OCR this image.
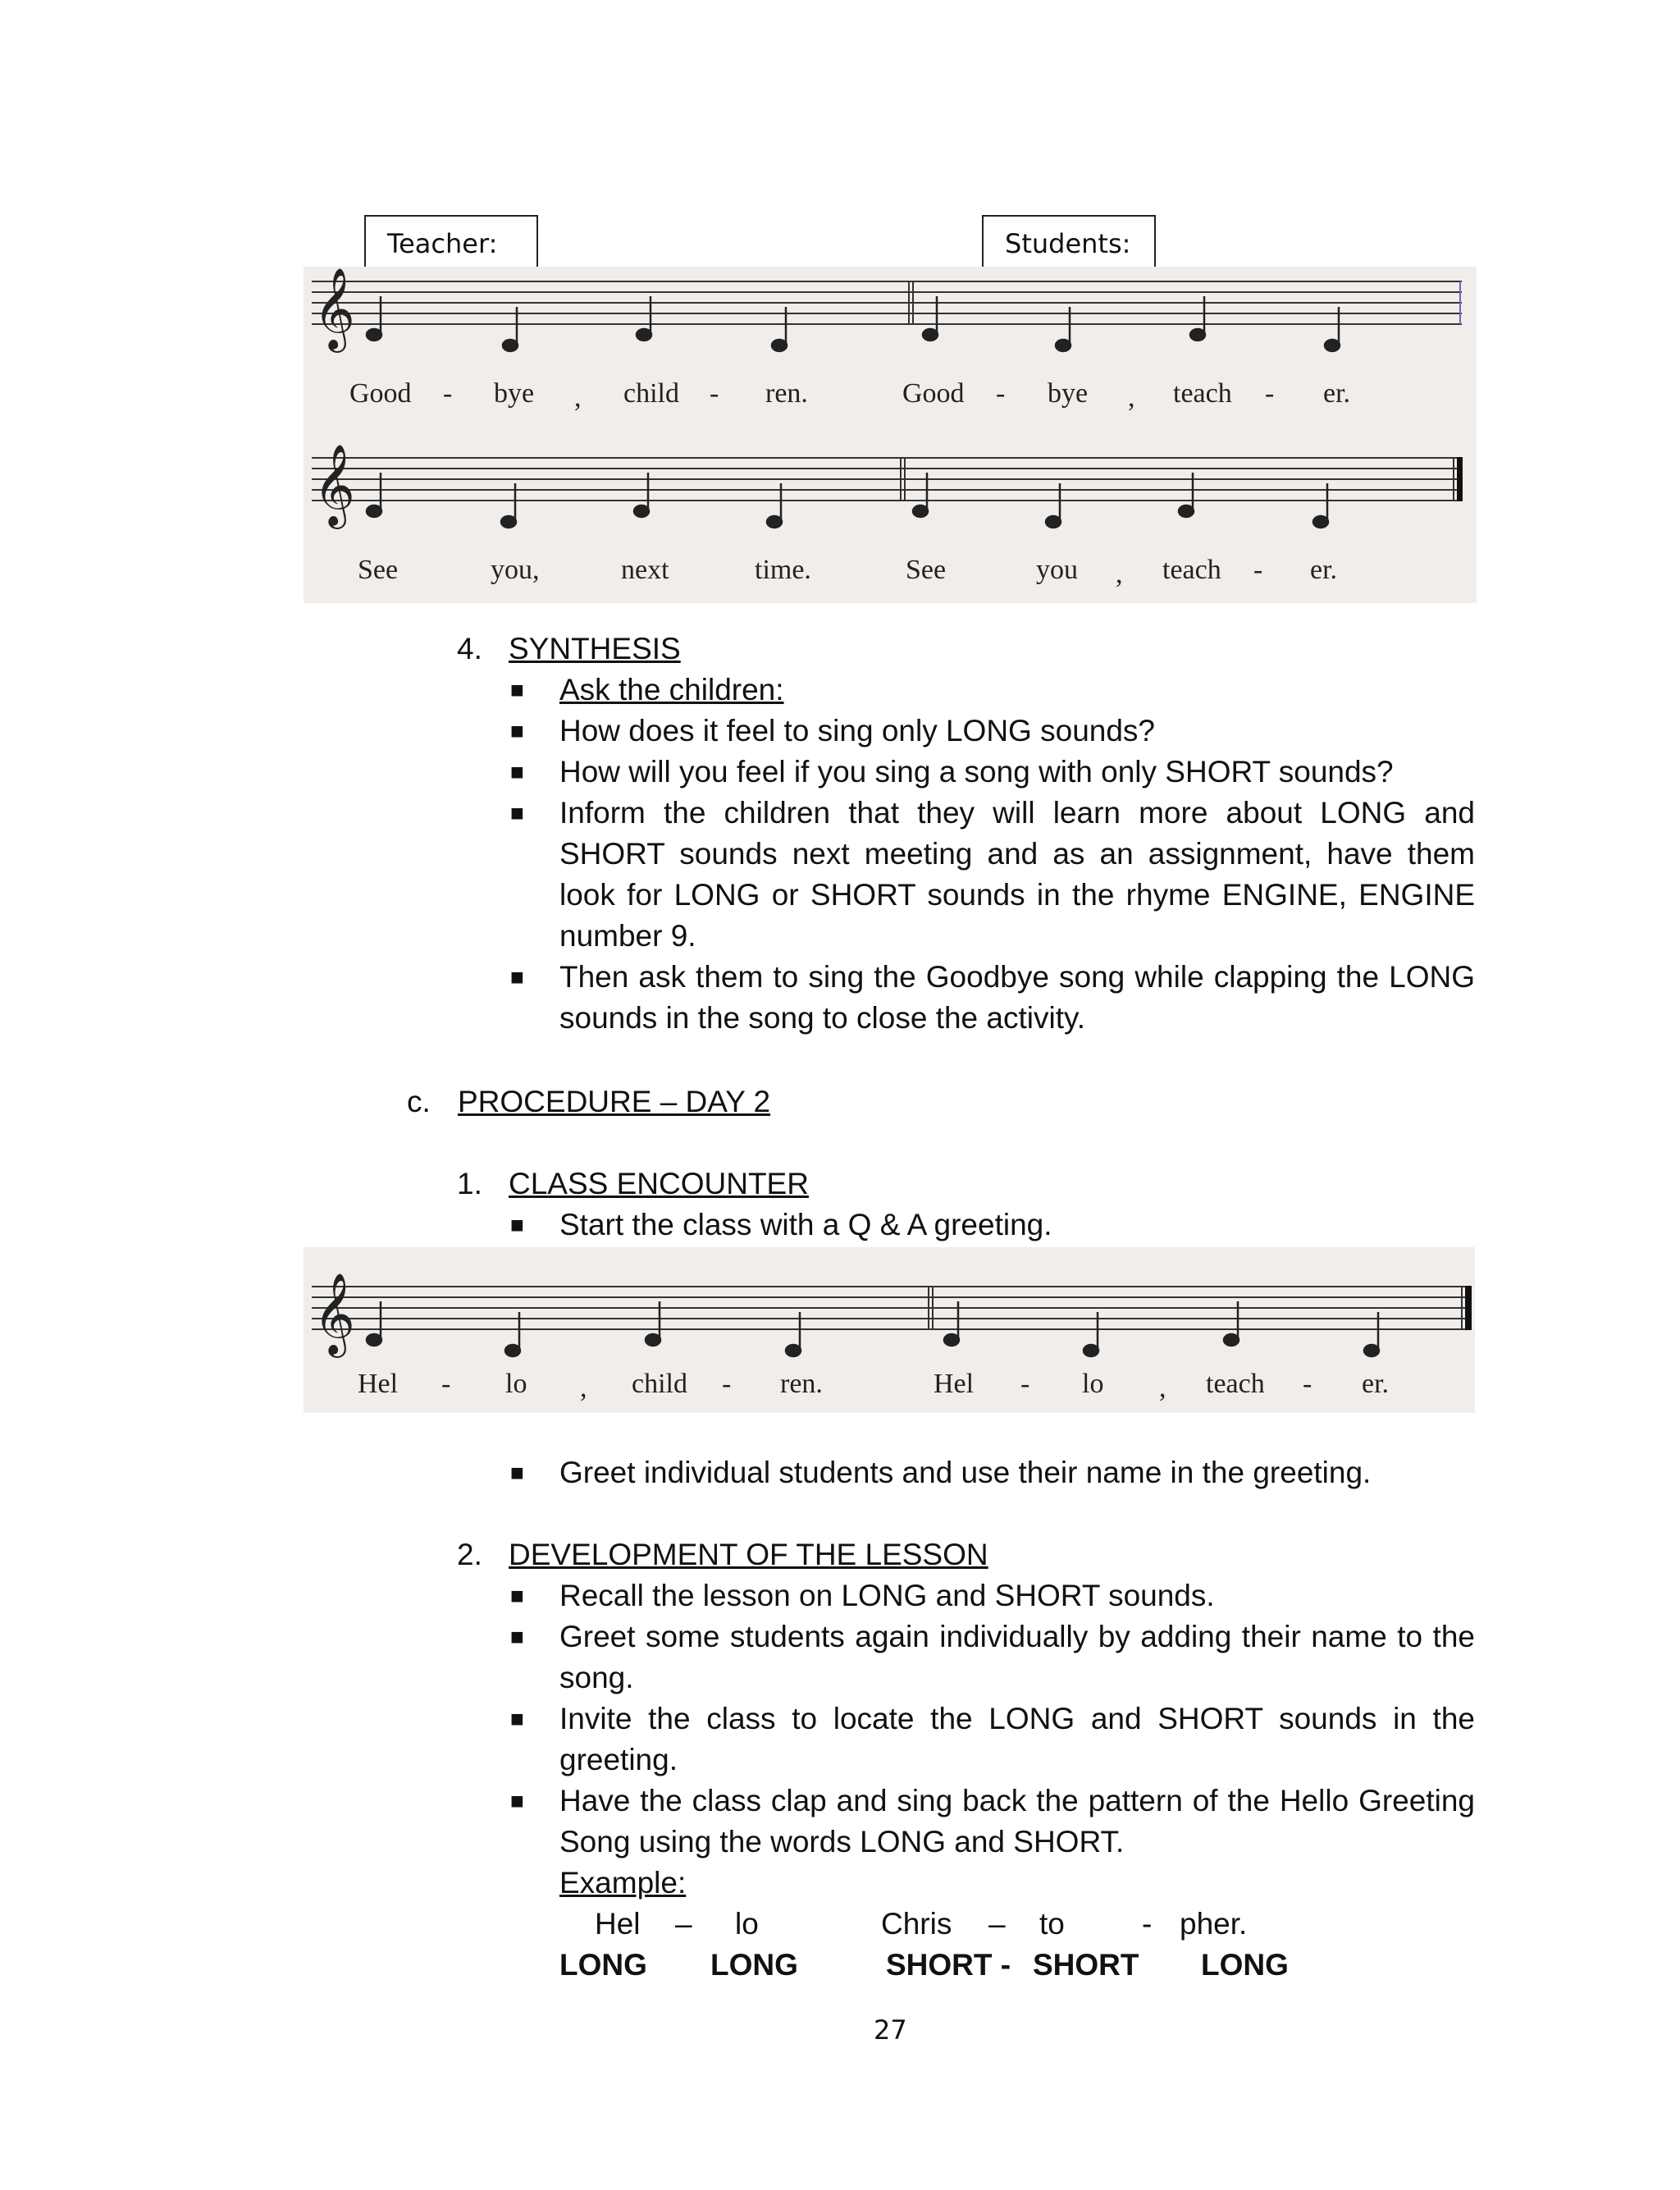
Teacher:	Students:
𝄞
𝄞
Good - bye , child - ren.	Good - bye , teach - er.
See	you,	next	time.	See	you , teach - er.
4. SYNTHESIS
■ Ask the children:
■ How does it feel to sing only LONG sounds?
■ How will you feel if you sing a song with only SHORT sounds?
■ Inform the children that they will learn more about LONG and SHORT sounds next meeting and as an assignment, have them look for LONG or SHORT sounds in the rhyme ENGINE, ENGINE number 9.
■ Then ask them to sing the Goodbye song while clapping the LONG sounds in the song to close the activity.
c. PROCEDURE – DAY 2
1. CLASS ENCOUNTER
■ Start the class with a Q & A greeting.
𝄞
Hel - lo , child - ren.	Hel - lo , teach - er.
■ Greet individual students and use their name in the greeting.
2. DEVELOPMENT OF THE LESSON
■ Recall the lesson on LONG and SHORT sounds.
■ Greet some students again individually by adding their name to the song.
■ Invite the class to locate the LONG and SHORT sounds in the greeting.
■ Have the class clap and sing back the pattern of the Hello Greeting Song using the words LONG and SHORT.
Example:
Hel – lo	Chris – to	- pher.
LONG LONG	SHORT - SHORT LONG
27
